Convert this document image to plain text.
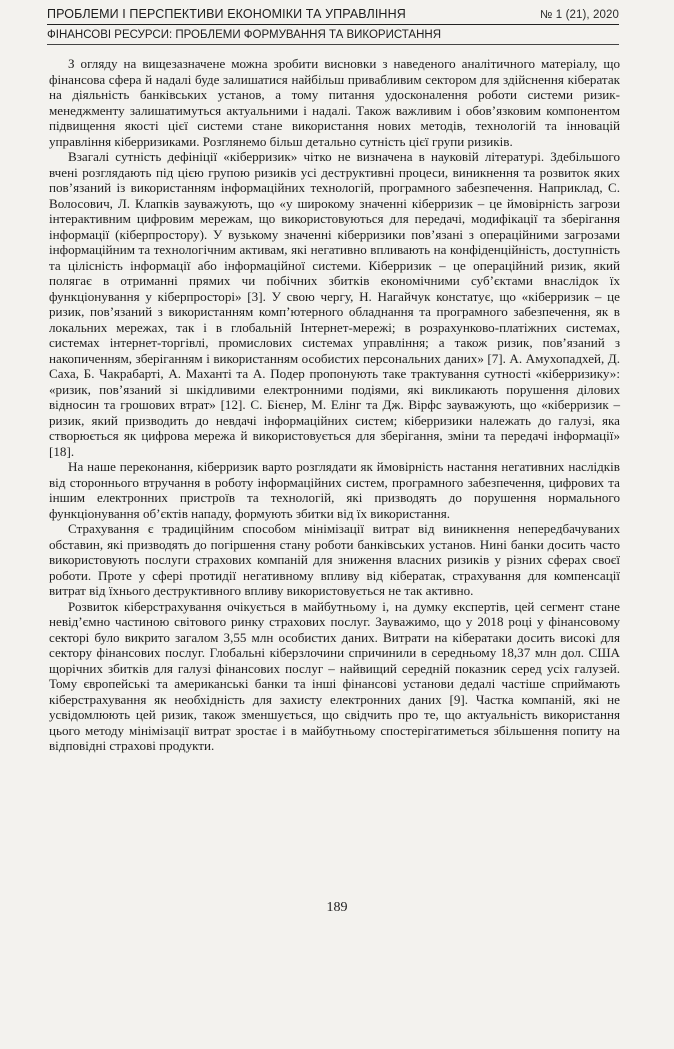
ПРОБЛЕМИ І ПЕРСПЕКТИВИ ЕКОНОМІКИ ТА УПРАВЛІННЯ	№ 1 (21), 2020
ФІНАНСОВІ РЕСУРСИ: ПРОБЛЕМИ ФОРМУВАННЯ ТА ВИКОРИСТАННЯ

З огляду на вищезазначене можна зробити висновки з наведеного аналітичного матеріалу, що фінансова сфера й надалі буде залишатися найбільш привабливим сектором для здійснення кібератак на діяльність банківських установ, а тому питання удосконалення роботи системи ризик-менеджменту залишатимуться актуальними і надалі. Також важливим і обов’язковим компонентом підвищення якості цієї системи стане використання нових методів, технологій та інновацій управління кіберризиками. Розглянемо більш детально сутність цієї групи ризиків.

Взагалі сутність дефініції «кіберризик» чітко не визначена в науковій літературі. Здебільшого вчені розглядають під цією групою ризиків усі деструктивні процеси, виникнення та розвиток яких пов’язаний із використанням інформаційних технологій, програмного забезпечення. Наприклад, С. Волосович, Л. Клапків зауважують, що «у широкому значенні кіберризик – це ймовірність загрози інтерактивним цифровим мережам, що використовуються для передачі, модифікації та зберігання інформації (кіберпростору). У вузькому значенні кіберризики пов’язані з операційними загрозами інформаційним та технологічним активам, які негативно впливають на конфіденційність, доступність та цілісність інформації або інформаційної системи. Кіберризик – це операційний ризик, який полягає в отриманні прямих чи побічних збитків економічними суб’єктами внаслідок їх функціонування у кіберпросторі» [3]. У свою чергу, Н. Нагайчук констатує, що «кіберризик – це ризик, пов’язаний з використанням комп’ютерного обладнання та програмного забезпечення, як в локальних мережах, так і в глобальній Інтернет-мережі; в розрахунково-платіжних системах, системах інтернет-торгівлі, промислових системах управління; а також ризик, пов’язаний з накопиченням, зберіганням і використанням особистих персональних даних» [7]. А. Амухопадхей, Д. Саха, Б. Чакрабарті, А. Маханті та А. Подер пропонують таке трактування сутності «кіберризику»: «ризик, пов’язаний зі шкідливими електронними подіями, які викликають порушення ділових відносин та грошових втрат» [12]. С. Бієнер, М. Елінг та Дж. Вірфс зауважують, що «кіберризик – ризик, який призводить до невдачі інформаційних систем; кіберризики належать до галузі, яка створюється як цифрова мережа й використовується для зберігання, зміни та передачі інформації» [18].

На наше переконання, кіберризик варто розглядати як ймовірність настання негативних наслідків від стороннього втручання в роботу інформаційних систем, програмного забезпечення, цифрових та іншим електронних пристроїв та технологій, які призводять до порушення нормального функціонування об’єктів нападу, формують збитки від їх використання.

Страхування є традиційним способом мінімізації витрат від виникнення непередбачуваних обставин, які призводять до погіршення стану роботи банківських установ. Нині банки досить часто використовують послуги страхових компаній для зниження власних ризиків у різних сферах своєї роботи. Проте у сфері протидії негативному впливу від кібератак, страхування для компенсації витрат від їхнього деструктивного впливу використовується не так активно.

Розвиток кіберстрахування очікується в майбутньому і, на думку експертів, цей сегмент стане невід’ємно частиною світового ринку страхових послуг. Зауважимо, що у 2018 році у фінансовому секторі було викрито загалом 3,55 млн особистих даних. Витрати на кібератаки досить високі для сектору фінансових послуг. Глобальні кіберзлочини спричинили в середньому 18,37 млн дол. США щорічних збитків для галузі фінансових послуг – найвищий середній показник серед усіх галузей. Тому європейські та американські банки та інші фінансові установи дедалі частіше сприймають кіберстрахування як необхідність для захисту електронних даних [9]. Частка компаній, які не усвідомлюють цей ризик, також зменшується, що свідчить про те, що актуальність використання цього методу мінімізації витрат зростає і в майбутньому спостерігатиметься збільшення попиту на відповідні страхові продукти.

189
